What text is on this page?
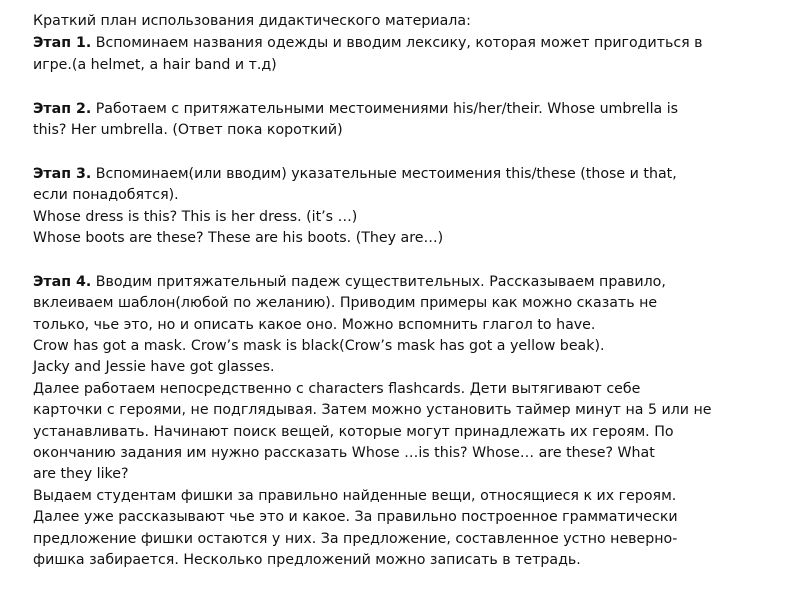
Краткий план использования дидактического материала:
Этап 1. Вспоминаем названия одежды и вводим лексику, которая может пригодиться в
игре.(a helmet, a hair band и т.д)
Этап 2. Работаем с притяжательными местоимениями his/her/their. Whose umbrella is
this? Her umbrella. (Ответ пока короткий)
Этап 3. Вспоминаем(или вводим) указательные местоимения this/these (those и that,
если понадобятся).
Whose dress is this? This is her dress. (it’s …)
Whose boots are these? These are his boots. (They are…)
Этап 4. Вводим притяжательный падеж существительных. Рассказываем правило,
вклеиваем шаблон(любой по желанию). Приводим примеры как можно сказать не
только, чье это, но и описать какое оно. Можно вспомнить глагол to have.
Crow has got a mask. Crow’s mask is black(Crow’s mask has got a yellow beak).
Jacky and Jessie have got glasses.
Далее работаем непосредственно с characters flashcards. Дети вытягивают себе
карточки с героями, не подглядывая. Затем можно установить таймер минут на 5 или не
устанавливать. Начинают поиск вещей, которые могут принадлежать их героям. По
окончанию задания им нужно рассказать Whose …is this? Whose… are these? What
are they like?
Выдаем студентам фишки за правильно найденные вещи, относящиеся к их героям.
Далее уже рассказывают чье это и какое. За правильно построенное грамматически
предложение фишки остаются у них. За предложение, составленное устно неверно-
фишка забирается. Несколько предложений можно записать в тетрадь.
